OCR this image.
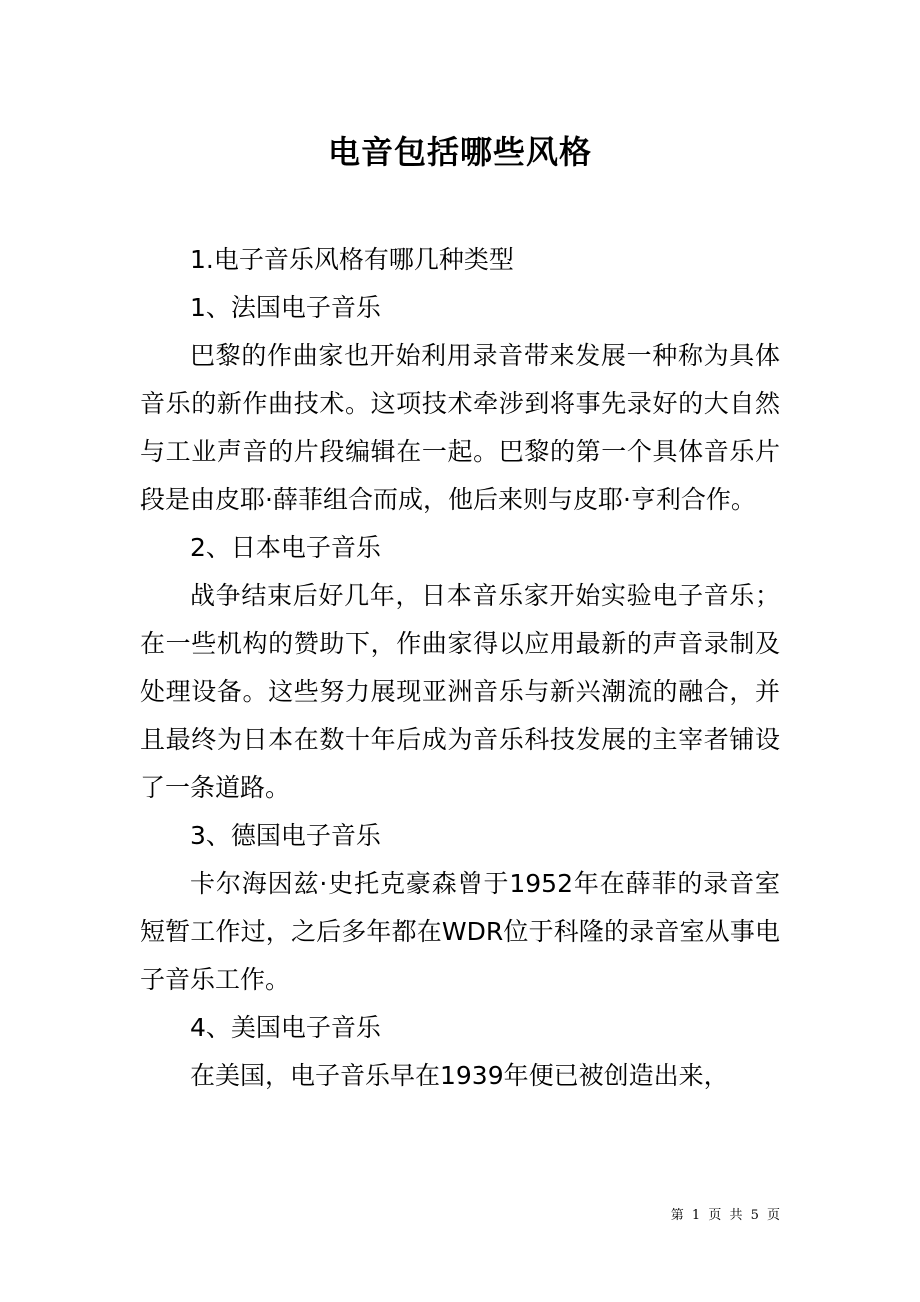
电音包括哪些风格

1.电子音乐风格有哪几种类型

1、法国电子音乐

巴黎的作曲家也开始利用录音带来发展一种称为具体音乐的新作曲技术。这项技术牵涉到将事先录好的大自然与工业声音的片段编辑在一起。巴黎的第一个具体音乐片段是由皮耶·薛菲组合而成，他后来则与皮耶·亨利合作。

2、日本电子音乐

战争结束后好几年，日本音乐家开始实验电子音乐；在一些机构的赞助下，作曲家得以应用最新的声音录制及处理设备。这些努力展现亚洲音乐与新兴潮流的融合，并且最终为日本在数十年后成为音乐科技发展的主宰者铺设了一条道路。

3、德国电子音乐

卡尔海因兹·史托克豪森曾于1952年在薛菲的录音室短暂工作过，之后多年都在WDR位于科隆的录音室从事电子音乐工作。

4、美国电子音乐

在美国，电子音乐早在1939年便已被创造出来，

第 1 页 共 5 页
